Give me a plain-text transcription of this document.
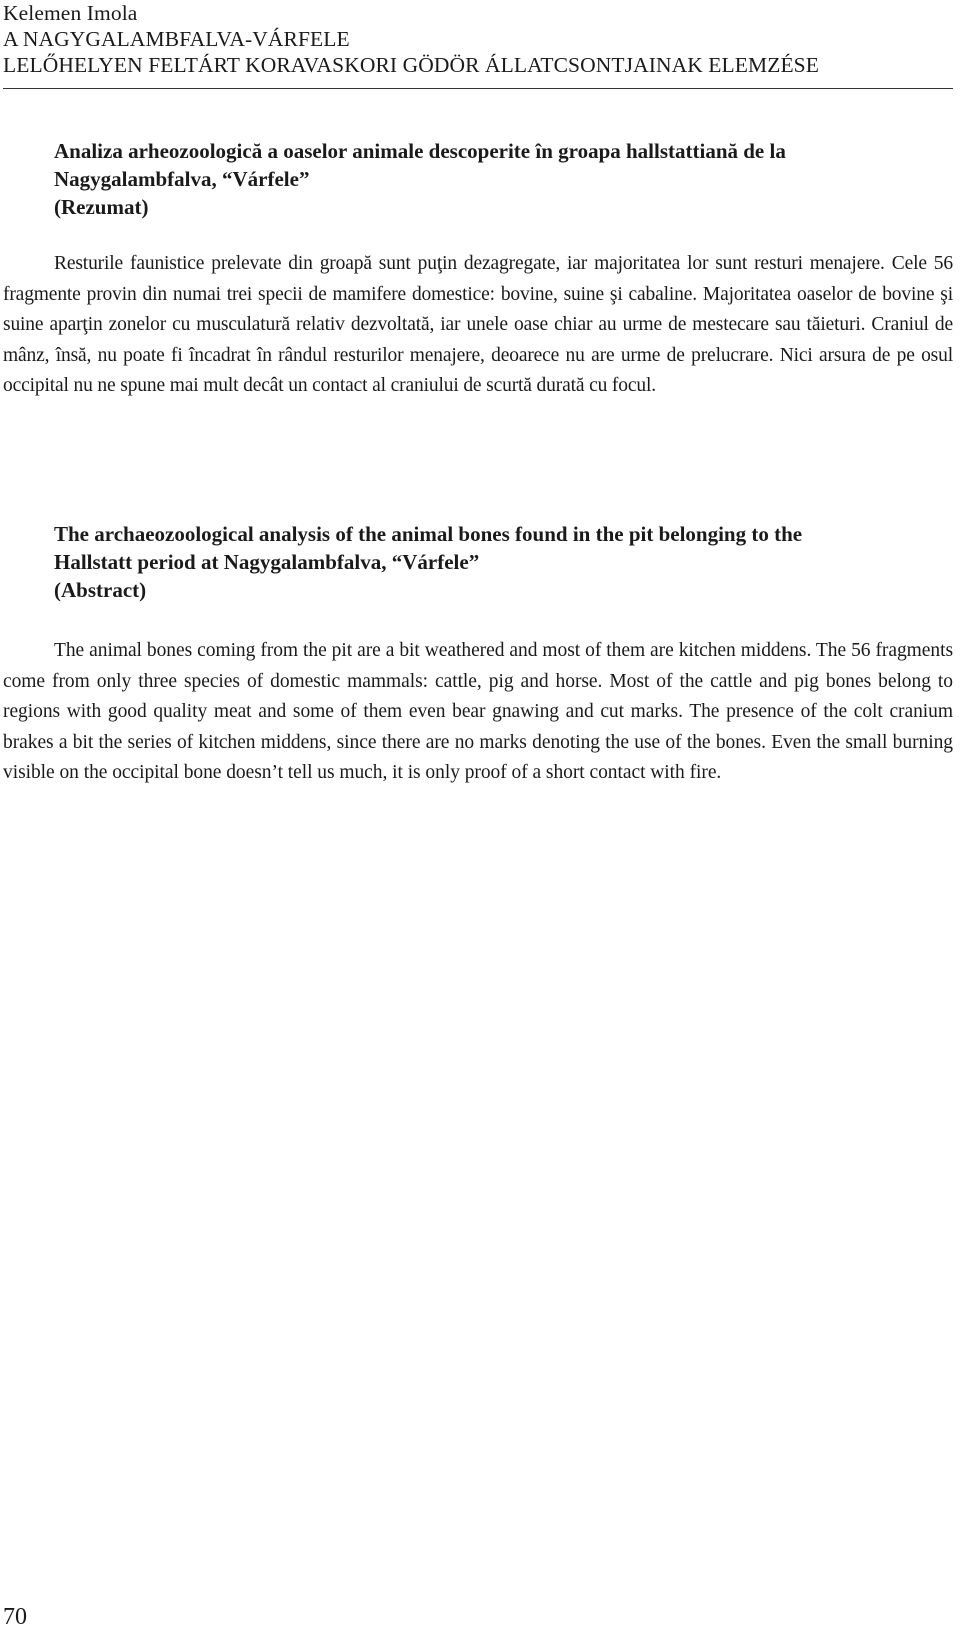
Kelemen Imola
A NAGYGALAMBFALVA-VÁRFELE
LELŐHELYEN FELTÁRT KORAVASKORI GÖDÖR ÁLLATCSONTJAINAK ELEMZÉSE
Analiza arheozoologică a oaselor animale descoperite în groapa hallstattiană de la
Nagygalambfalva, “Várfele”
(Rezumat)

Resturile faunistice prelevate din groapă sunt puţin dezagregate, iar majoritatea lor sunt resturi menajere. Cele 56 fragmente provin din numai trei specii de mamifere domestice: bovine, suine şi cabaline. Majoritatea oaselor de bovine şi suine aparţin zonelor cu musculatură relativ dezvoltată, iar unele oase chiar au urme de mestecare sau tăieturi. Craniul de mânz, însă, nu poate fi încadrat în rândul resturilor menajere, deoarece nu are urme de prelucrare. Nici arsura de pe osul occipital nu ne spune mai mult decât un contact al craniului de scurtă durată cu focul.

The archaeozoological analysis of the animal bones found in the pit belonging to the
Hallstatt period at Nagygalambfalva, “Várfele”
(Abstract)

The animal bones coming from the pit are a bit weathered and most of them are kitchen middens. The 56 fragments come from only three species of domestic mammals: cattle, pig and horse. Most of the cattle and pig bones belong to regions with good quality meat and some of them even bear gnawing and cut marks. The presence of the colt cranium brakes a bit the series of kitchen middens, since there are no marks denoting the use of the bones. Even the small burning visible on the occipital bone doesn’t tell us much, it is only proof of a short contact with fire.

70
